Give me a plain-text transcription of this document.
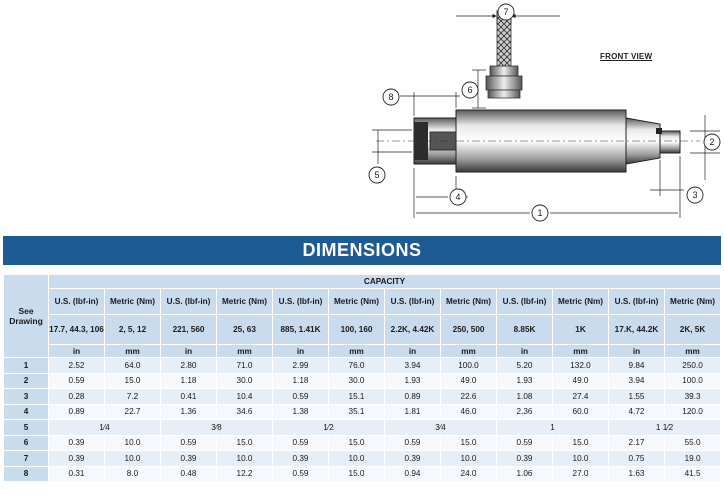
7
6
8
5
4
1
2
3
FRONT VIEW
DIMENSIONS
See Drawing	CAPACITY											
	U.S. (lbf-in)	Metric (Nm)	U.S. (lbf-in)	Metric (Nm)	U.S. (lbf-in)	Metric (Nm)	U.S. (lbf-in)	Metric (Nm)	U.S. (lbf-in)	Metric (Nm)	U.S. (lbf-in)	Metric (Nm)
	17.7, 44.3, 106	2, 5, 12	221, 560	25, 63	885, 1.41K	100, 160	2.2K, 4.42K	250, 500	8.85K	1K	17.K, 44.2K	2K, 5K
	in	mm	in	mm	in	mm	in	mm	in	mm	in	mm
1	2.52	64.0	2.80	71.0	2.99	76.0	3.94	100.0	5.20	132.0	9.84	250.0
2	0.59	15.0	1.18	30.0	1.18	30.0	1.93	49.0	1.93	49.0	3.94	100.0
3	0.28	7.2	0.41	10.4	0.59	15.1	0.89	22.6	1.08	27.4	1.55	39.3
4	0.89	22.7	1.36	34.6	1.38	35.1	1.81	46.0	2.36	60.0	4.72	120.0
5	1⁄4		3⁄8		1⁄2		3⁄4		1		1 1⁄2	
6	0.39	10.0	0.59	15.0	0.59	15.0	0.59	15.0	0.59	15.0	2.17	55.0
7	0.39	10.0	0.39	10.0	0.39	10.0	0.39	10.0	0.39	10.0	0.75	19.0
8	0.31	8.0	0.48	12.2	0.59	15.0	0.94	24.0	1.06	27.0	1.63	41.5
